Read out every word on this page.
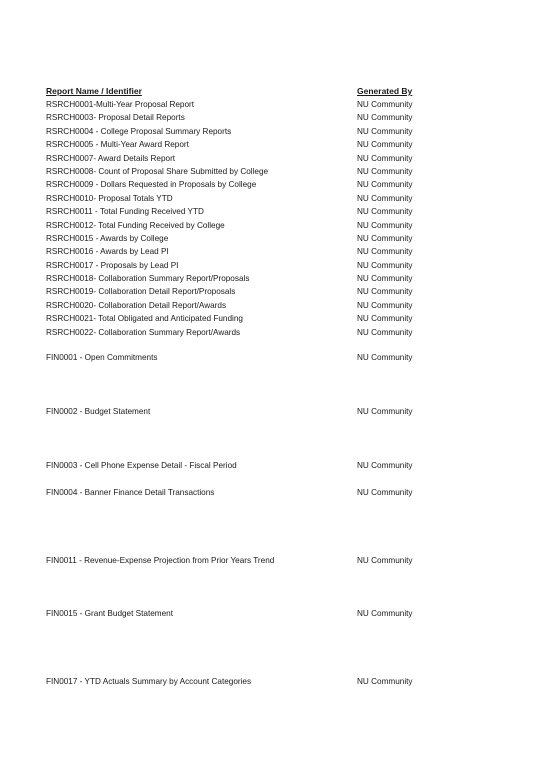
Report Name / Identifier	Generated By
RSRCH0001-Multi-Year Proposal Report	NU Community
RSRCH0003- Proposal Detail Reports	NU Community
RSRCH0004 - College Proposal Summary Reports	NU Community
RSRCH0005 - Multi-Year Award Report	NU Community
RSRCH0007- Award Details Report	NU Community
RSRCH0008- Count of Proposal Share Submitted by College	NU Community
RSRCH0009 - Dollars Requested in Proposals by College	NU Community
RSRCH0010- Proposal Totals YTD	NU Community
RSRCH0011 - Total Funding Received YTD	NU Community
RSRCH0012- Total Funding Received by College	NU Community
RSRCH0015 - Awards by College	NU Community
RSRCH0016 - Awards by Lead PI	NU Community
RSRCH0017 - Proposals by Lead PI	NU Community
RSRCH0018- Collaboration Summary Report/Proposals	NU Community
RSRCH0019- Collaboration Detail Report/Proposals	NU Community
RSRCH0020- Collaboration Detail Report/Awards	NU Community
RSRCH0021- Total Obligated and Anticipated Funding	NU Community
RSRCH0022- Collaboration Summary Report/Awards	NU Community
FIN0001 - Open Commitments	NU Community
FIN0002 - Budget Statement	NU Community
FIN0003 - Cell Phone Expense Detail - Fiscal Period	NU Community
FIN0004 - Banner Finance Detail Transactions	NU Community
FIN0011 - Revenue-Expense Projection from Prior Years Trend	NU Community
FIN0015 - Grant Budget Statement	NU Community
FIN0017 - YTD Actuals Summary by Account Categories	NU Community
